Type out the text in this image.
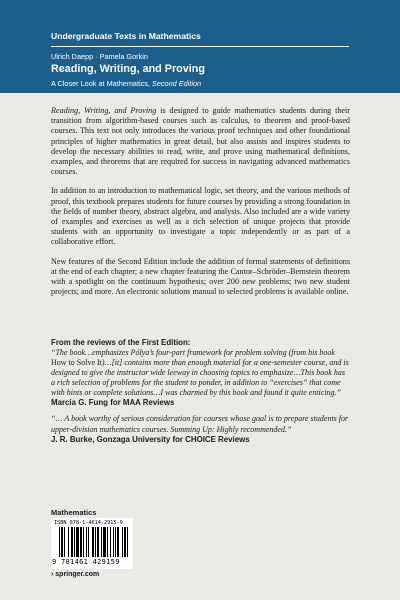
Undergraduate Texts in Mathematics
Ulrich Daepp · Pamela Gorkin
Reading, Writing, and Proving
A Closer Look at Mathematics, Second Edition

Reading, Writing, and Proving is designed to guide mathematics students during their transition from algorithm-based courses such as calculus, to theorem and proof-based courses. This text not only introduces the various proof techniques and other foundational principles of higher mathematics in great detail, but also assists and inspires students to develop the necessary abilities to read, write, and prove using mathematical definitions, examples, and theorems that are required for success in navigating advanced mathematics courses.

In addition to an introduction to mathematical logic, set theory, and the various methods of proof, this textbook prepares students for future courses by providing a strong foundation in the fields of number theory, abstract algebra, and analysis. Also included are a wide variety of examples and exercises as well as a rich selection of unique projects that provide students with an opportunity to investigate a topic independently or as part of a collaborative effort.

New features of the Second Edition include the addition of formal statements of definitions at the end of each chapter; a new chapter featuring the Cantor–Schröder–Bernstein theorem with a spotlight on the continuum hypothesis; over 200 new problems; two new student projects; and more. An electronic solutions manual to selected problems is available online.

From the reviews of the First Edition:
“The book…emphasizes Pólya’s four-part framework for problem solving (from his book How to Solve It)…[it] contains more than enough material for a one-semester course, and is designed to give the instructor wide leeway in choosing topics to emphasize…This book has a rich selection of problems for the student to ponder, in addition to “exercises” that come with hints or complete solutions…I was charmed by this book and found it quite enticing.”
Marcia G. Fung for MAA Reviews
“… A book worthy of serious consideration for courses whose goal is to prepare students for upper-division mathematics courses. Summing Up: Highly recommended.”
J. R. Burke, Gonzaga University for CHOICE Reviews
Mathematics
ISBN 978-1-4614-2915-9
9 781461 429159
› springer.com
